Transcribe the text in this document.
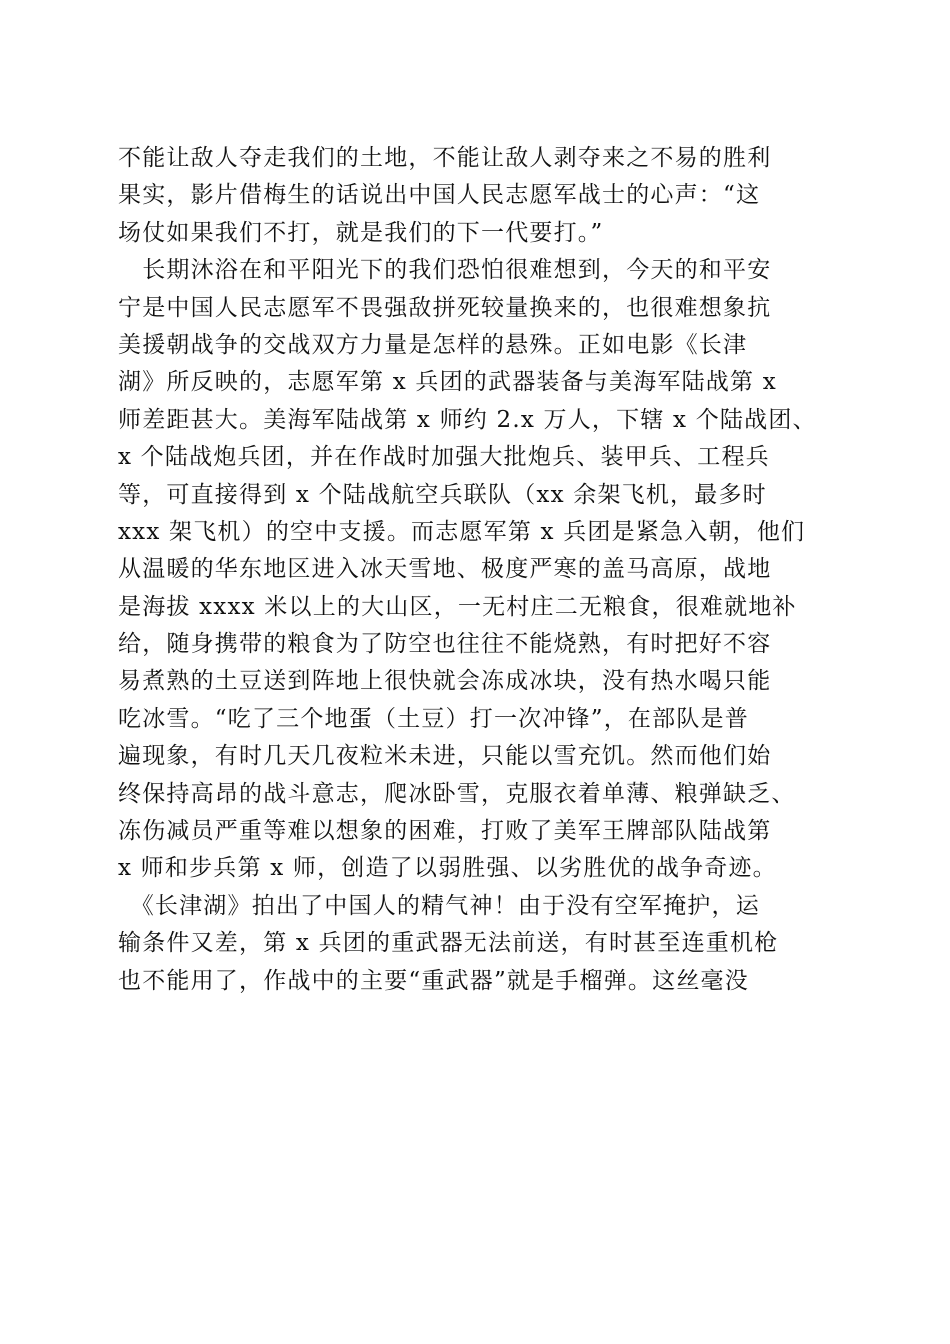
不能让敌人夺走我们的土地，不能让敌人剥夺来之不易的胜利
果实，影片借梅生的话说出中国人民志愿军战士的心声：“这
场仗如果我们不打，就是我们的下一代要打。”
　长期沐浴在和平阳光下的我们恐怕很难想到，今天的和平安
宁是中国人民志愿军不畏强敌拼死较量换来的，也很难想象抗
美援朝战争的交战双方力量是怎样的悬殊。正如电影《长津
湖》所反映的，志愿军第 x 兵团的武器装备与美海军陆战第 x
师差距甚大。美海军陆战第 x 师约 2.x 万人，下辖 x 个陆战团、
x 个陆战炮兵团，并在作战时加强大批炮兵、装甲兵、工程兵
等，可直接得到 x 个陆战航空兵联队（xx 余架飞机，最多时
xxx 架飞机）的空中支援。而志愿军第 x 兵团是紧急入朝，他们
从温暖的华东地区进入冰天雪地、极度严寒的盖马高原，战地
是海拔 xxxx 米以上的大山区，一无村庄二无粮食，很难就地补
给，随身携带的粮食为了防空也往往不能烧熟，有时把好不容
易煮熟的土豆送到阵地上很快就会冻成冰块，没有热水喝只能
吃冰雪。“吃了三个地蛋（土豆）打一次冲锋”，在部队是普
遍现象，有时几天几夜粒米未进，只能以雪充饥。然而他们始
终保持高昂的战斗意志，爬冰卧雪，克服衣着单薄、粮弹缺乏、
冻伤减员严重等难以想象的困难，打败了美军王牌部队陆战第
x 师和步兵第 x 师，创造了以弱胜强、以劣胜优的战争奇迹。
　《长津湖》拍出了中国人的精气神！由于没有空军掩护，运
输条件又差，第 x 兵团的重武器无法前送，有时甚至连重机枪
也不能用了，作战中的主要“重武器”就是手榴弹。这丝毫没
